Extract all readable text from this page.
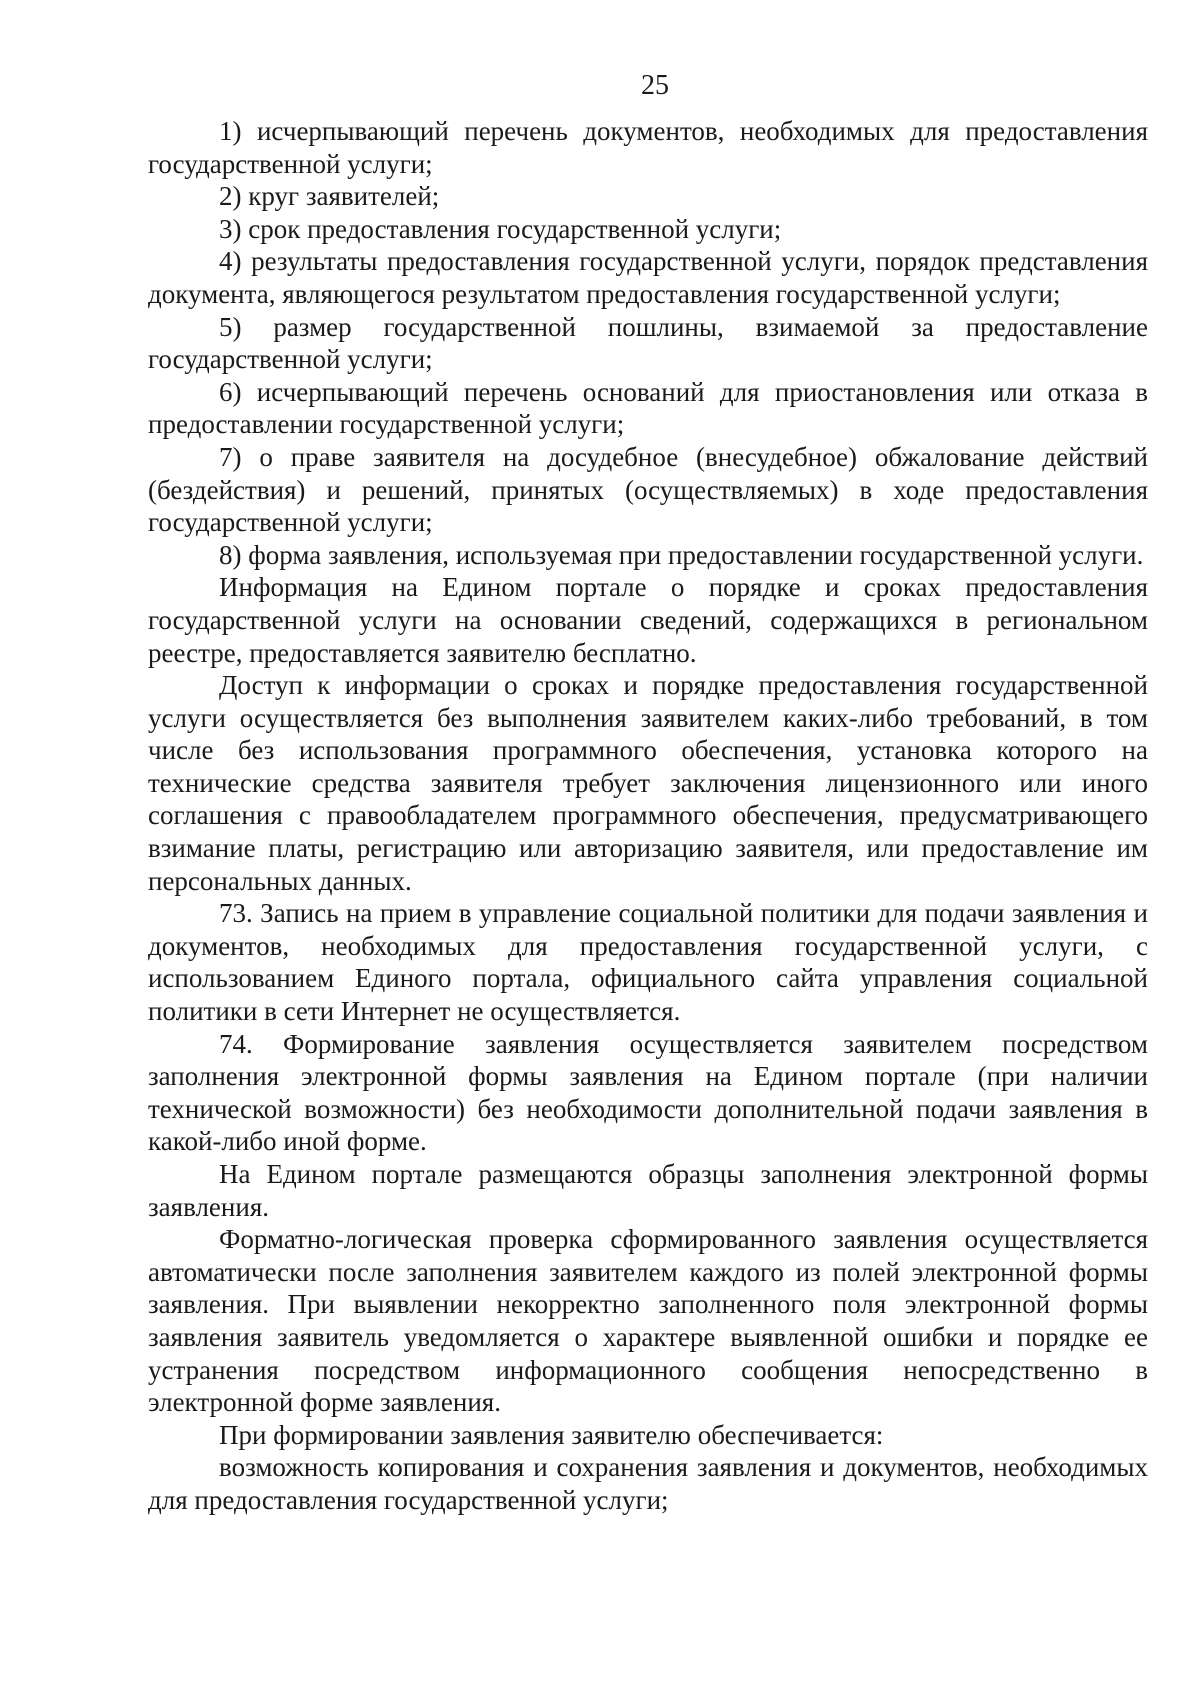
25

1) исчерпывающий перечень документов, необходимых для предоставления государственной услуги;

2) круг заявителей;

3) срок предоставления государственной услуги;

4) результаты предоставления государственной услуги, порядок представления документа, являющегося результатом предоставления государственной услуги;

5) размер государственной пошлины, взимаемой за предоставление государственной услуги;

6) исчерпывающий перечень оснований для приостановления или отказа в предоставлении государственной услуги;

7) о праве заявителя на досудебное (внесудебное) обжалование действий (бездействия) и решений, принятых (осуществляемых) в ходе предоставления государственной услуги;

8) форма заявления, используемая при предоставлении государственной услуги.

Информация на Едином портале о порядке и сроках предоставления государственной услуги на основании сведений, содержащихся в региональном реестре, предоставляется заявителю бесплатно.

Доступ к информации о сроках и порядке предоставления государственной услуги осуществляется без выполнения заявителем каких-либо требований, в том числе без использования программного обеспечения, установка которого на технические средства заявителя требует заключения лицензионного или иного соглашения с правообладателем программного обеспечения, предусматривающего взимание платы, регистрацию или авторизацию заявителя, или предоставление им персональных данных.

73. Запись на прием в управление социальной политики для подачи заявления и документов, необходимых для предоставления государственной услуги, с использованием Единого портала, официального сайта управления социальной политики в сети Интернет не осуществляется.

74. Формирование заявления осуществляется заявителем посредством заполнения электронной формы заявления на Едином портале (при наличии технической возможности) без необходимости дополнительной подачи заявления в какой-либо иной форме.

На Едином портале размещаются образцы заполнения электронной формы заявления.

Форматно-логическая проверка сформированного заявления осуществляется автоматически после заполнения заявителем каждого из полей электронной формы заявления. При выявлении некорректно заполненного поля электронной формы заявления заявитель уведомляется о характере выявленной ошибки и порядке ее устранения посредством информационного сообщения непосредственно в электронной форме заявления.

При формировании заявления заявителю обеспечивается:

возможность копирования и сохранения заявления и документов, необходимых для предоставления государственной услуги;
